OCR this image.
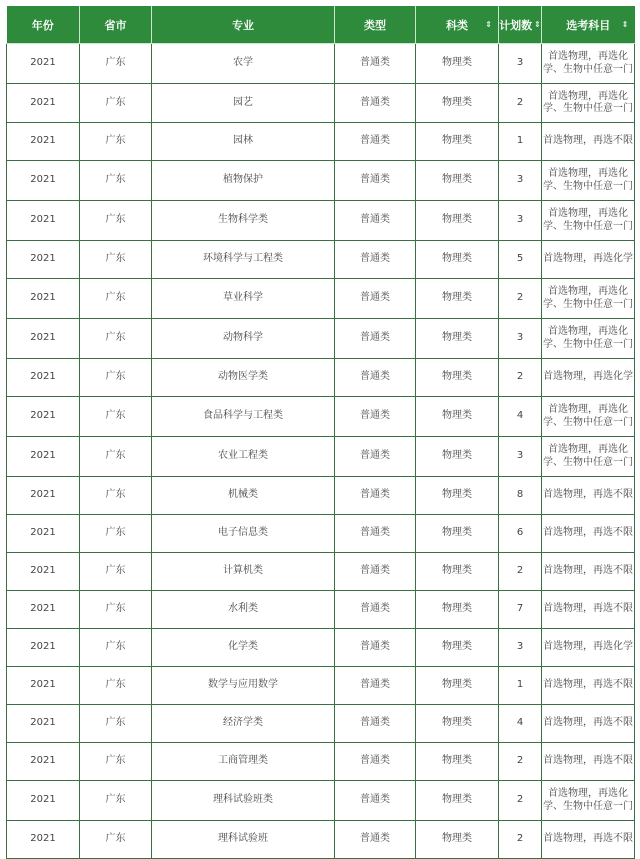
年份	省市	专业	类型	科类 ⇕	计划数 ⇕	选考科目 ⇕

2021	广东	农学	普通类	物理类	3	首选物理，再选化学、生物中任意一门
2021	广东	园艺	普通类	物理类	2	首选物理，再选化学、生物中任意一门
2021	广东	园林	普通类	物理类	1	首选物理，再选不限
2021	广东	植物保护	普通类	物理类	3	首选物理，再选化学、生物中任意一门
2021	广东	生物科学类	普通类	物理类	3	首选物理，再选化学、生物中任意一门
2021	广东	环境科学与工程类	普通类	物理类	5	首选物理，再选化学
2021	广东	草业科学	普通类	物理类	2	首选物理，再选化学、生物中任意一门
2021	广东	动物科学	普通类	物理类	3	首选物理，再选化学、生物中任意一门
2021	广东	动物医学类	普通类	物理类	2	首选物理，再选化学
2021	广东	食品科学与工程类	普通类	物理类	4	首选物理，再选化学、生物中任意一门
2021	广东	农业工程类	普通类	物理类	3	首选物理，再选化学、生物中任意一门
2021	广东	机械类	普通类	物理类	8	首选物理，再选不限
2021	广东	电子信息类	普通类	物理类	6	首选物理，再选不限
2021	广东	计算机类	普通类	物理类	2	首选物理，再选不限
2021	广东	水利类	普通类	物理类	7	首选物理，再选不限
2021	广东	化学类	普通类	物理类	3	首选物理，再选化学
2021	广东	数学与应用数学	普通类	物理类	1	首选物理，再选不限
2021	广东	经济学类	普通类	物理类	4	首选物理，再选不限
2021	广东	工商管理类	普通类	物理类	2	首选物理，再选不限
2021	广东	理科试验班类	普通类	物理类	2	首选物理，再选化学、生物中任意一门
2021	广东	理科试验班	普通类	物理类	2	首选物理，再选不限
